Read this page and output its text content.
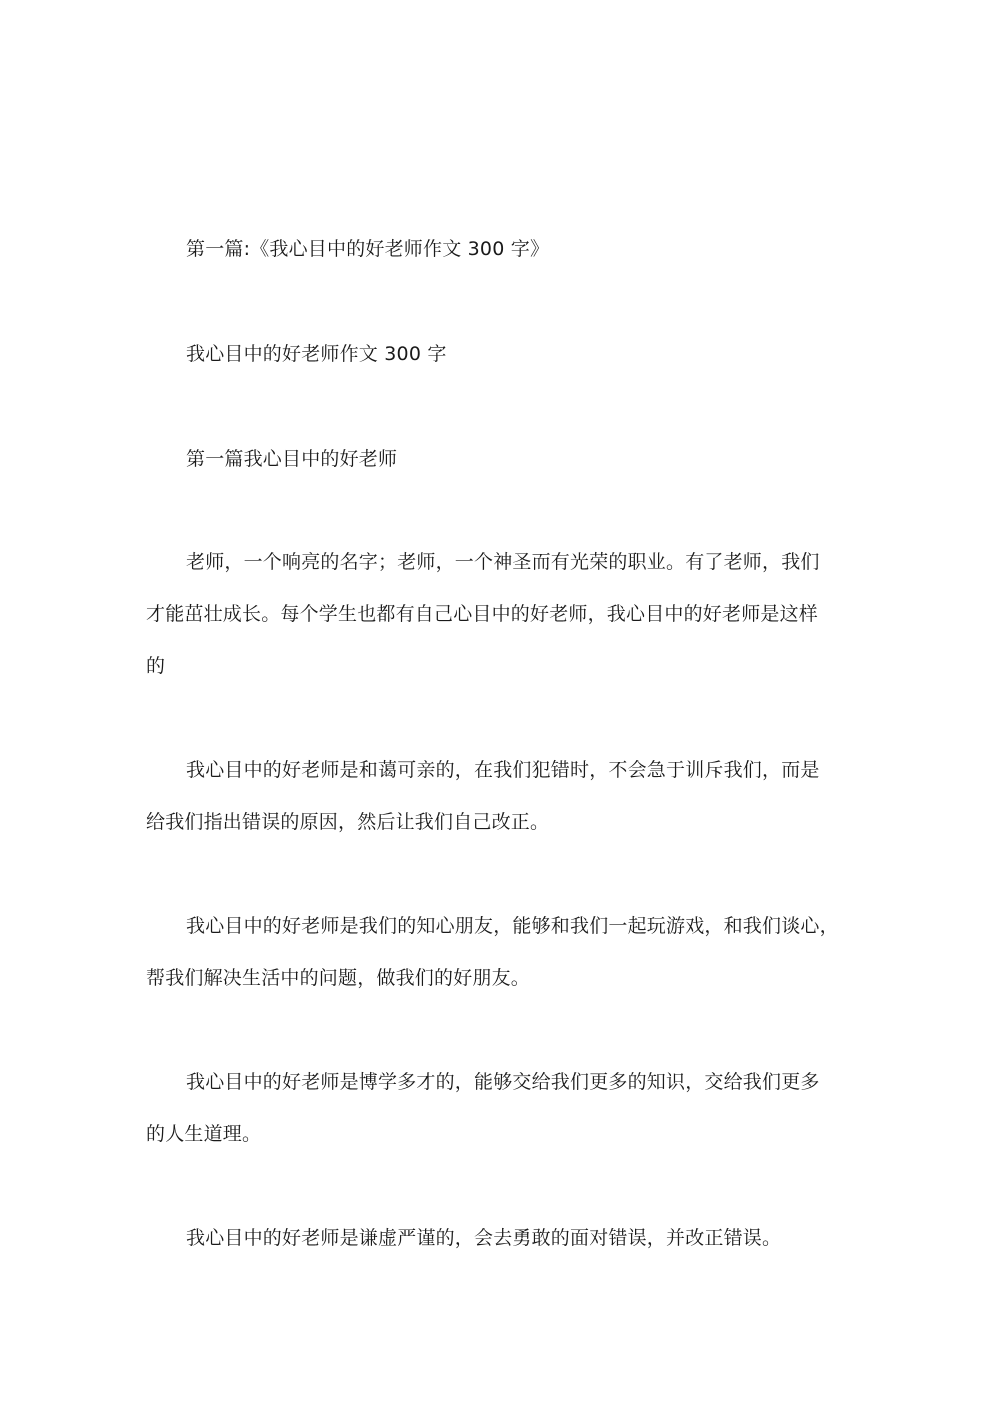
第一篇:《我心目中的好老师作文 300 字》
我心目中的好老师作文 300 字
第一篇我心目中的好老师
老师，一个响亮的名字；老师，一个神圣而有光荣的职业。有了老师，我们
才能茁壮成长。每个学生也都有自己心目中的好老师，我心目中的好老师是这样
的
我心目中的好老师是和蔼可亲的，在我们犯错时，不会急于训斥我们，而是
给我们指出错误的原因，然后让我们自己改正。
我心目中的好老师是我们的知心朋友，能够和我们一起玩游戏，和我们谈心，
帮我们解决生活中的问题，做我们的好朋友。
我心目中的好老师是博学多才的，能够交给我们更多的知识，交给我们更多
的人生道理。
我心目中的好老师是谦虚严谨的，会去勇敢的面对错误，并改正错误。
